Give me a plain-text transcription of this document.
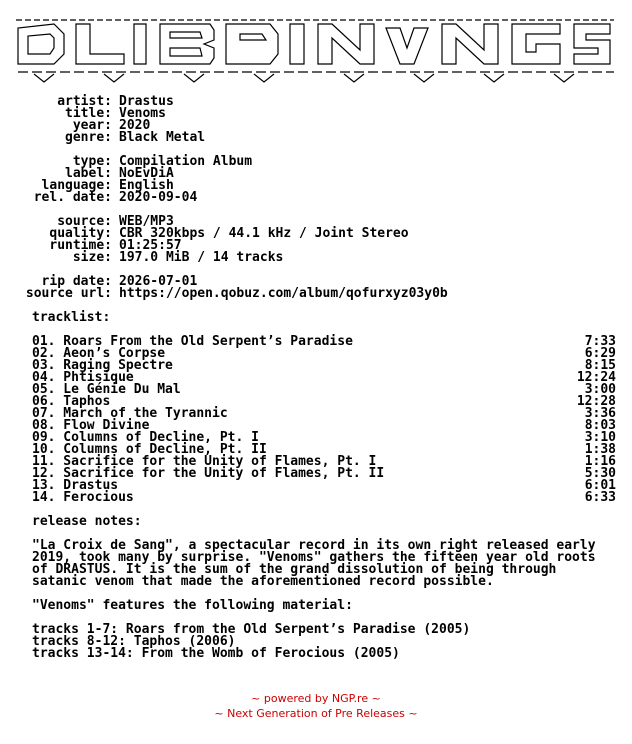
artist: Drastus
title: Venoms
year: 2020
genre: Black Metal
type: Compilation Album
label: NoEvDiA
language: English
rel. date: 2020-09-04
source: WEB/MP3
quality: CBR 320kbps / 44.1 kHz / Joint Stereo
runtime: 01:25:57
size: 197.0 MiB / 14 tracks
rip date: 2026-07-01
source url: https://open.qobuz.com/album/qofurxyz03y0b
tracklist:
01. Roars From the Old Serpent’s Paradise	7:33
02. Aeon’s Corpse	6:29
03. Raging Spectre	8:15
04. Phtisique	12:24
05. Le Génie Du Mal	3:00
06. Taphos	12:28
07. March of the Tyrannic	3:36
08. Flow Divine	8:03
09. Columns of Decline, Pt. I	3:10
10. Columns of Decline, Pt. II	1:38
11. Sacrifice for the Unity of Flames, Pt. I	1:16
12. Sacrifice for the Unity of Flames, Pt. II	5:30
13. Drastus	6:01
14. Ferocious	6:33
release notes:
"La Croix de Sang", a spectacular record in its own right released early
2019, took many by surprise. "Venoms" gathers the fifteen year old roots
of DRASTUS. It is the sum of the grand dissolution of being through
satanic venom that made the aforementioned record possible.
"Venoms" features the following material:
tracks 1-7: Roars from the Old Serpent’s Paradise (2005)
tracks 8-12: Taphos (2006)
tracks 13-14: From the Womb of Ferocious (2005)
~ powered by NGP.re ~
~ Next Generation of Pre Releases ~
